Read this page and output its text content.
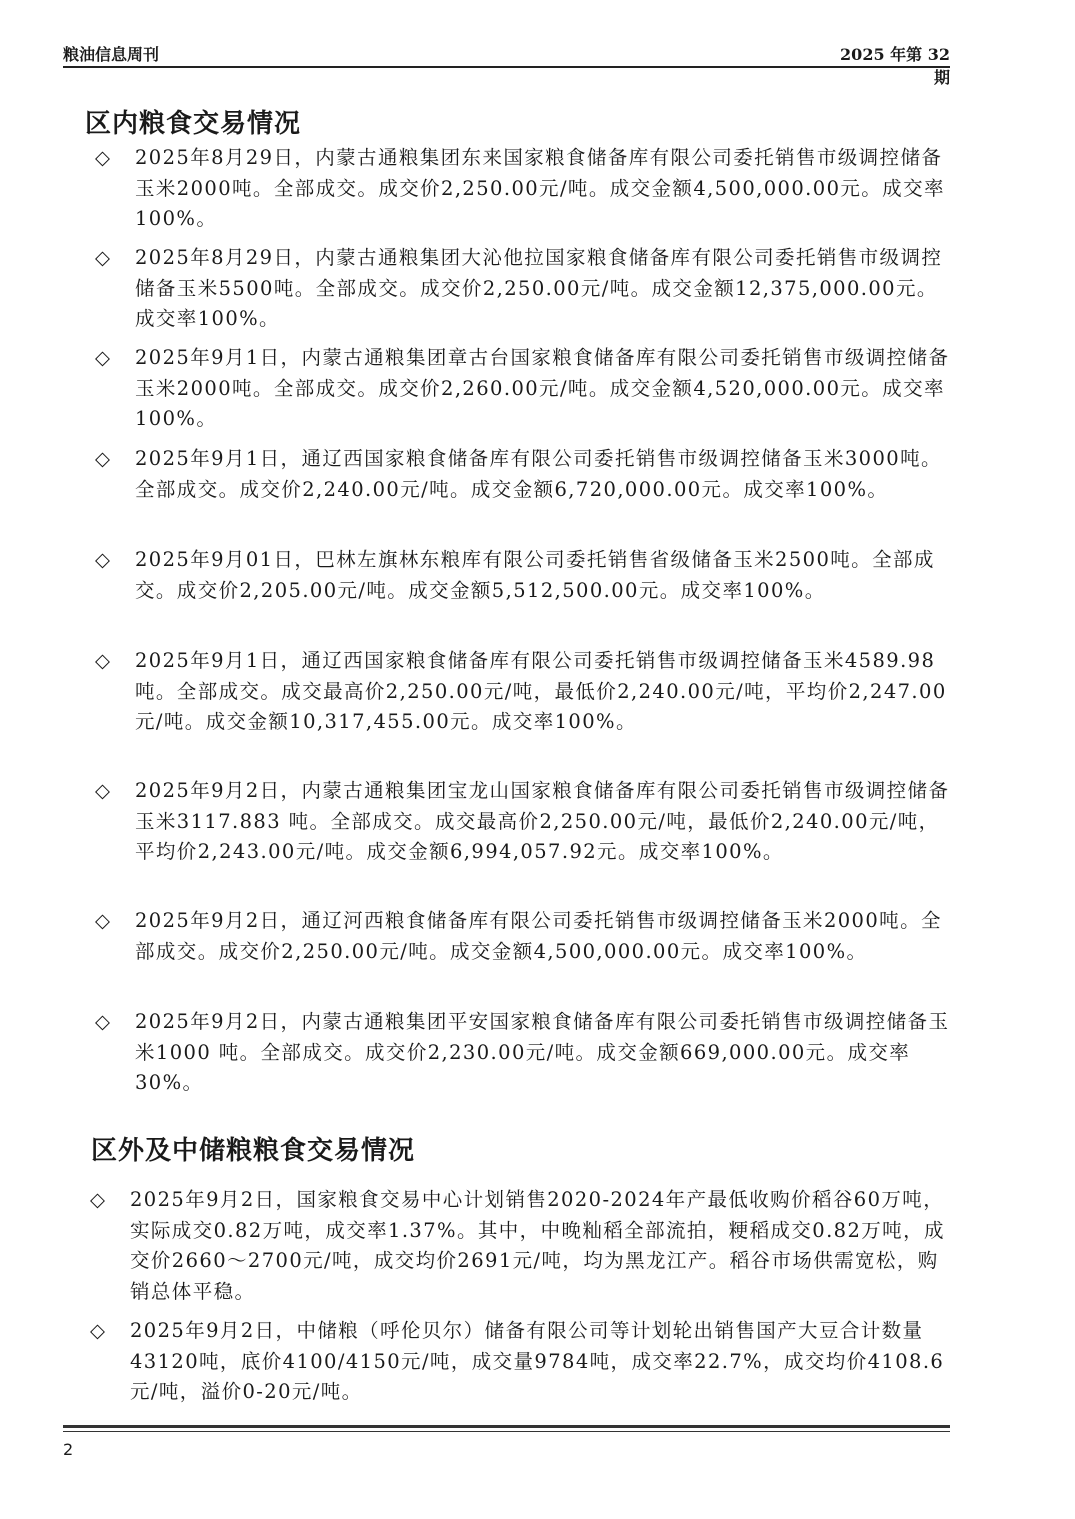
粮油信息周刊	2025 年第 32 期
区内粮食交易情况
◇	2025年8月29日，内蒙古通粮集团东来国家粮食储备库有限公司委托销售市级调控储备玉米2000吨。全部成交。成交价2,250.00元/吨。成交金额4,500,000.00元。成交率100%。
◇	2025年8月29日，内蒙古通粮集团大沁他拉国家粮食储备库有限公司委托销售市级调控储备玉米5500吨。全部成交。成交价2,250.00元/吨。成交金额12,375,000.00元。成交率100%。
◇	2025年9月1日，内蒙古通粮集团章古台国家粮食储备库有限公司委托销售市级调控储备玉米2000吨。全部成交。成交价2,260.00元/吨。成交金额4,520,000.00元。成交率100%。
◇	2025年9月1日，通辽西国家粮食储备库有限公司委托销售市级调控储备玉米3000吨。全部成交。成交价2,240.00元/吨。成交金额6,720,000.00元。成交率100%。
◇	2025年9月01日，巴林左旗林东粮库有限公司委托销售省级储备玉米2500吨。全部成交。成交价2,205.00元/吨。成交金额5,512,500.00元。成交率100%。
◇	2025年9月1日，通辽西国家粮食储备库有限公司委托销售市级调控储备玉米4589.98吨。全部成交。成交最高价2,250.00元/吨，最低价2,240.00元/吨，平均价2,247.00元/吨。成交金额10,317,455.00元。成交率100%。
◇	2025年9月2日，内蒙古通粮集团宝龙山国家粮食储备库有限公司委托销售市级调控储备玉米3117.883 吨。全部成交。成交最高价2,250.00元/吨，最低价2,240.00元/吨，平均价2,243.00元/吨。成交金额6,994,057.92元。成交率100%。
◇	2025年9月2日，通辽河西粮食储备库有限公司委托销售市级调控储备玉米2000吨。全部成交。成交价2,250.00元/吨。成交金额4,500,000.00元。成交率100%。
◇	2025年9月2日，内蒙古通粮集团平安国家粮食储备库有限公司委托销售市级调控储备玉米1000 吨。全部成交。成交价2,230.00元/吨。成交金额669,000.00元。成交率30%。
区外及中储粮粮食交易情况
◇	2025年9月2日，国家粮食交易中心计划销售2020-2024年产最低收购价稻谷60万吨，实际成交0.82万吨，成交率1.37%。其中，中晚籼稻全部流拍，粳稻成交0.82万吨，成交价2660～2700元/吨，成交均价2691元/吨，均为黑龙江产。稻谷市场供需宽松，购销总体平稳。
◇	2025年9月2日，中储粮（呼伦贝尔）储备有限公司等计划轮出销售国产大豆合计数量43120吨，底价4100/4150元/吨，成交量9784吨，成交率22.7%，成交均价4108.6元/吨，溢价0-20元/吨。
2
